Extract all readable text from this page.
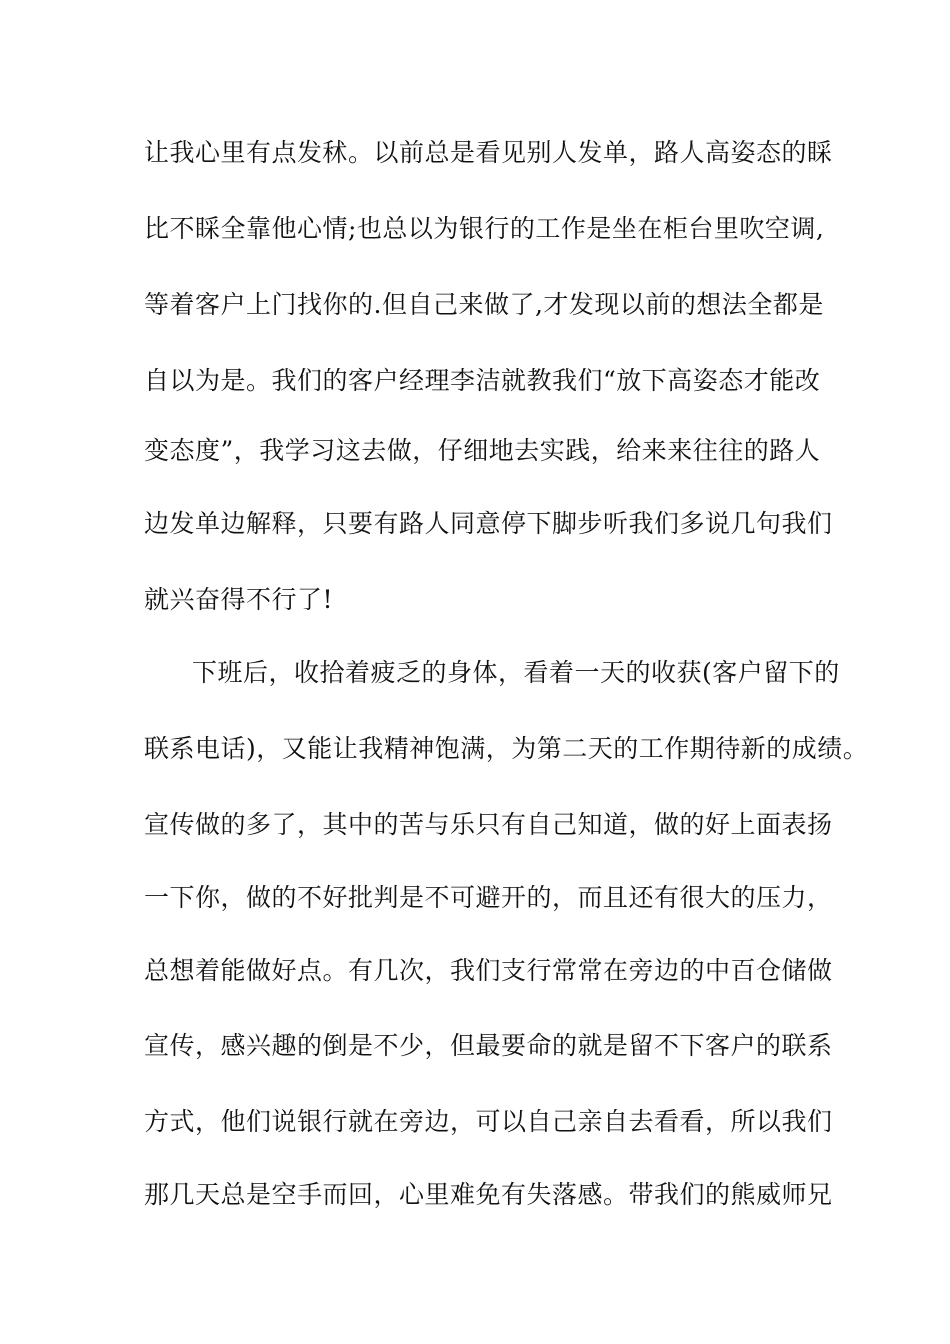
让我心里有点发秫。以前总是看见别人发单，路人高姿态的睬
比不睬全靠他心情;也总以为银行的工作是坐在柜台里吹空调,
等着客户上门找你的.但自己来做了,才发现以前的想法全都是
自以为是。我们的客户经理李洁就教我们“放下高姿态才能改
变态度”，我学习这去做，仔细地去实践，给来来往往的路人
边发单边解释，只要有路人同意停下脚步听我们多说几句我们
就兴奋得不行了!
下班后，收拾着疲乏的身体，看着一天的收获(客户留下的
联系电话)，又能让我精神饱满，为第二天的工作期待新的成绩。
宣传做的多了，其中的苦与乐只有自己知道，做的好上面表扬
一下你，做的不好批判是不可避开的，而且还有很大的压力，
总想着能做好点。有几次，我们支行常常在旁边的中百仓储做
宣传，感兴趣的倒是不少，但最要命的就是留不下客户的联系
方式，他们说银行就在旁边，可以自己亲自去看看，所以我们
那几天总是空手而回，心里难免有失落感。带我们的熊威师兄
